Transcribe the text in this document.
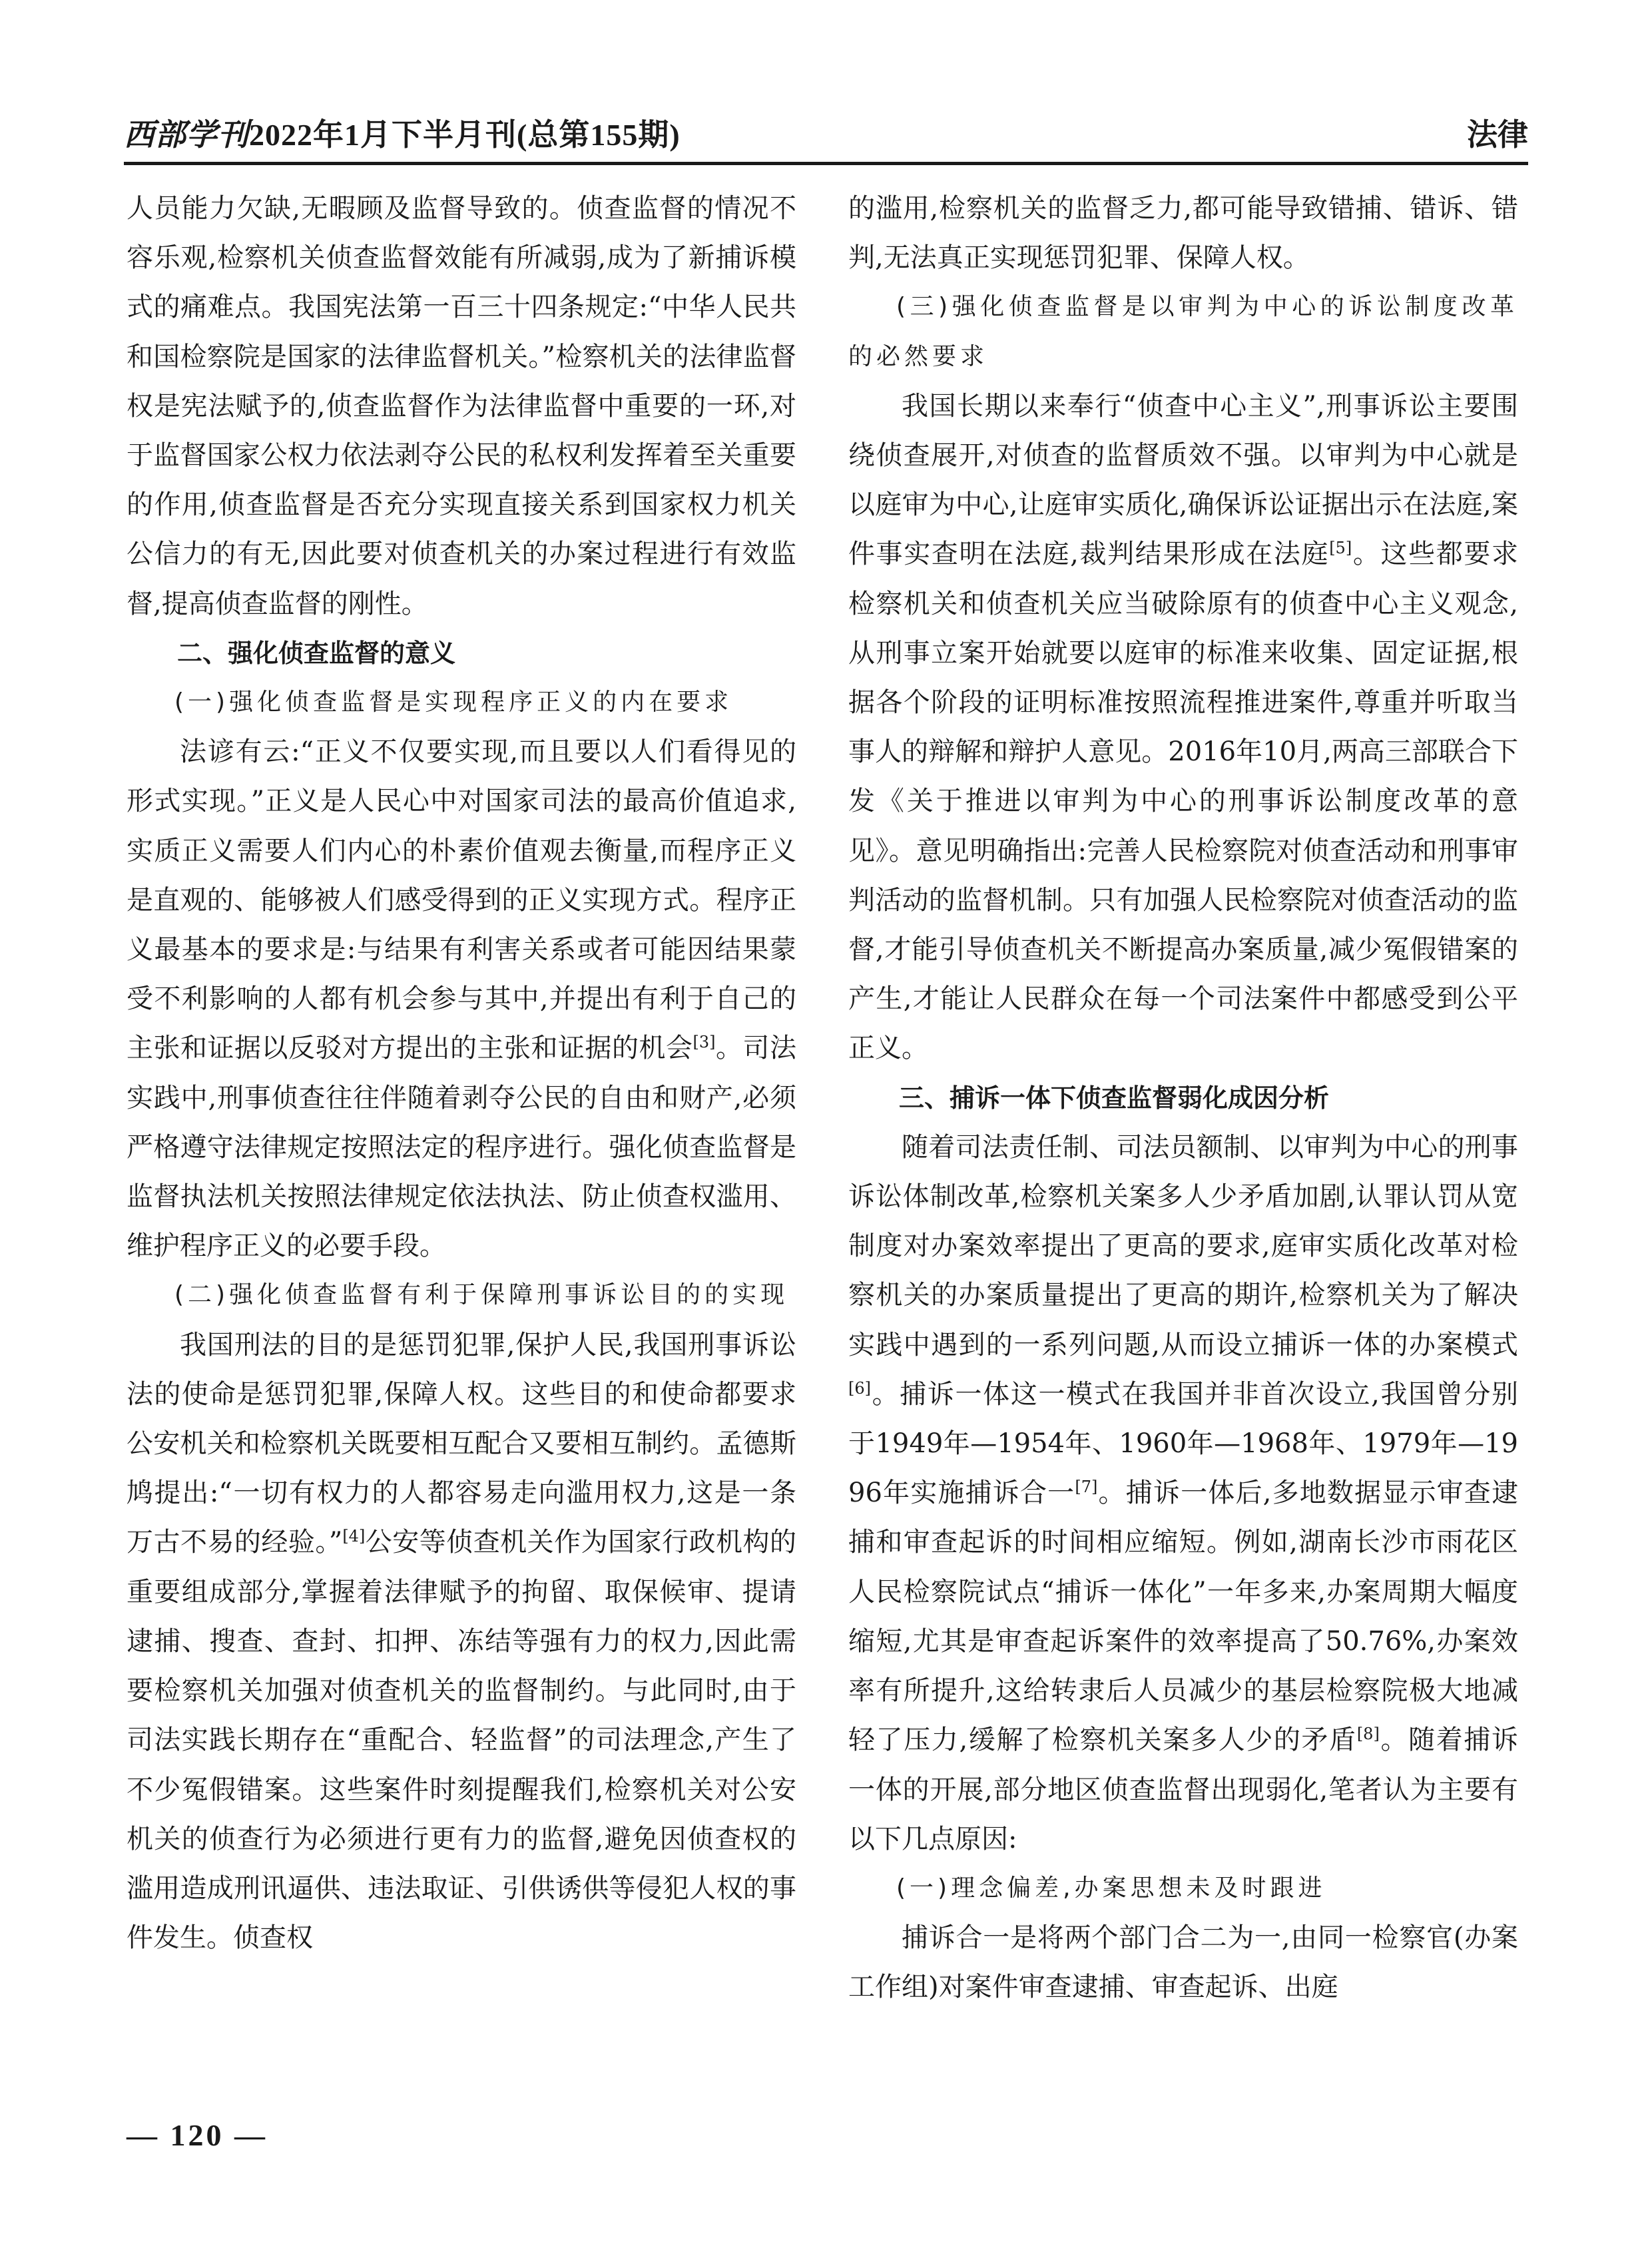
西部学刊2022年1月下半月刊(总第155期)	法律

人员能力欠缺,无暇顾及监督导致的。侦查监督的情况不容乐观,检察机关侦查监督效能有所减弱,成为了新捕诉模式的痛难点。我国宪法第一百三十四条规定:“中华人民共和国检察院是国家的法律监督机关。”检察机关的法律监督权是宪法赋予的,侦查监督作为法律监督中重要的一环,对于监督国家公权力依法剥夺公民的私权利发挥着至关重要的作用,侦查监督是否充分实现直接关系到国家权力机关公信力的有无,因此要对侦查机关的办案过程进行有效监督,提高侦查监督的刚性。

二、强化侦查监督的意义

(一)强化侦查监督是实现程序正义的内在要求

法谚有云:“正义不仅要实现,而且要以人们看得见的形式实现。”正义是人民心中对国家司法的最高价值追求,实质正义需要人们内心的朴素价值观去衡量,而程序正义是直观的、能够被人们感受得到的正义实现方式。程序正义最基本的要求是:与结果有利害关系或者可能因结果蒙受不利影响的人都有机会参与其中,并提出有利于自己的主张和证据以反驳对方提出的主张和证据的机会[3]。司法实践中,刑事侦查往往伴随着剥夺公民的自由和财产,必须严格遵守法律规定按照法定的程序进行。强化侦查监督是监督执法机关按照法律规定依法执法、防止侦查权滥用、维护程序正义的必要手段。

(二)强化侦查监督有利于保障刑事诉讼目的的实现

我国刑法的目的是惩罚犯罪,保护人民,我国刑事诉讼法的使命是惩罚犯罪,保障人权。这些目的和使命都要求公安机关和检察机关既要相互配合又要相互制约。孟德斯鸠提出:“一切有权力的人都容易走向滥用权力,这是一条万古不易的经验。”[4]公安等侦查机关作为国家行政机构的重要组成部分,掌握着法律赋予的拘留、取保候审、提请逮捕、搜查、查封、扣押、冻结等强有力的权力,因此需要检察机关加强对侦查机关的监督制约。与此同时,由于司法实践长期存在“重配合、轻监督”的司法理念,产生了不少冤假错案。这些案件时刻提醒我们,检察机关对公安机关的侦查行为必须进行更有力的监督,避免因侦查权的滥用造成刑讯逼供、违法取证、引供诱供等侵犯人权的事件发生。侦查权

的滥用,检察机关的监督乏力,都可能导致错捕、错诉、错判,无法真正实现惩罚犯罪、保障人权。

(三)强化侦查监督是以审判为中心的诉讼制度改革的必然要求

我国长期以来奉行“侦查中心主义”,刑事诉讼主要围绕侦查展开,对侦查的监督质效不强。以审判为中心就是以庭审为中心,让庭审实质化,确保诉讼证据出示在法庭,案件事实查明在法庭,裁判结果形成在法庭[5]。这些都要求检察机关和侦查机关应当破除原有的侦查中心主义观念,从刑事立案开始就要以庭审的标准来收集、固定证据,根据各个阶段的证明标准按照流程推进案件,尊重并听取当事人的辩解和辩护人意见。2016年10月,两高三部联合下发《关于推进以审判为中心的刑事诉讼制度改革的意见》。意见明确指出:完善人民检察院对侦查活动和刑事审判活动的监督机制。只有加强人民检察院对侦查活动的监督,才能引导侦查机关不断提高办案质量,减少冤假错案的产生,才能让人民群众在每一个司法案件中都感受到公平正义。

三、捕诉一体下侦查监督弱化成因分析

随着司法责任制、司法员额制、以审判为中心的刑事诉讼体制改革,检察机关案多人少矛盾加剧,认罪认罚从宽制度对办案效率提出了更高的要求,庭审实质化改革对检察机关的办案质量提出了更高的期许,检察机关为了解决实践中遇到的一系列问题,从而设立捕诉一体的办案模式[6]。捕诉一体这一模式在我国并非首次设立,我国曾分别于1949年—1954年、1960年—1968年、1979年—1996年实施捕诉合一[7]。捕诉一体后,多地数据显示审查逮捕和审查起诉的时间相应缩短。例如,湖南长沙市雨花区人民检察院试点“捕诉一体化”一年多来,办案周期大幅度缩短,尤其是审查起诉案件的效率提高了50.76%,办案效率有所提升,这给转隶后人员减少的基层检察院极大地减轻了压力,缓解了检察机关案多人少的矛盾[8]。随着捕诉一体的开展,部分地区侦查监督出现弱化,笔者认为主要有以下几点原因:

(一)理念偏差,办案思想未及时跟进

捕诉合一是将两个部门合二为一,由同一检察官(办案工作组)对案件审查逮捕、审查起诉、出庭

— 120 —
